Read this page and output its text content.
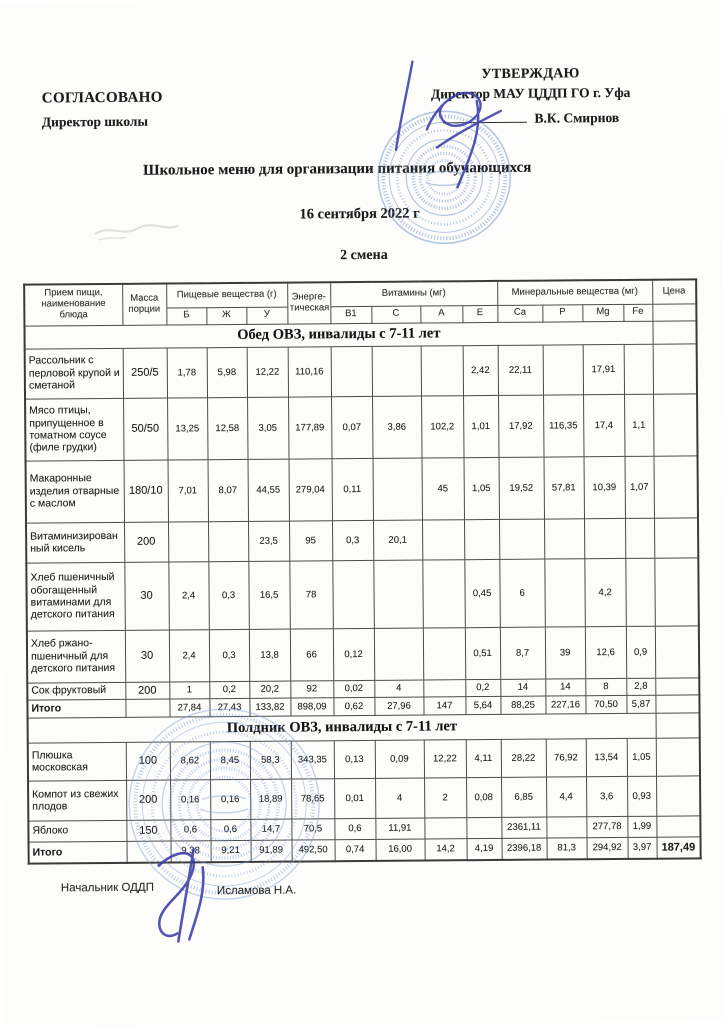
СОГЛАСОВАНО
Директор школы
УТВЕРЖДАЮ
Директор МАУ ЦДДП ГО г. Уфа
В.К. Смирнов
Школьное меню для организации питания обучающихся
16 сентября 2022 г
2 смена
Прием пищи, наименование блюда	Масса порции	Пищевые вещества (г)			Энерге-тическая	Витамины (мг)				Минеральные вещества (мг)				Цена
		Б	Ж	У		B1	C	A	E	Ca	P	Mg	Fe	
Обед ОВЗ, инвалиды с 7-11 лет														
Рассольник с перловой крупой и сметаной	250/5	1,78	5,98	12,22	110,16				2,42	22,11		17,91		
Мясо птицы, припущенное в томатном соусе (филе грудки)	50/50	13,25	12,58	3,05	177,89	0,07	3,86	102,2	1,01	17,92	116,35	17,4	1,1	
Макаронные изделия отварные с маслом	180/10	7,01	8,07	44,55	279,04	0,11		45	1,05	19,52	57,81	10,39	1,07	
Витаминизированный кисель	200			23,5	95	0,3	20,1							
Хлеб пшеничный обогащенный витаминами для детского питания	30	2,4	0,3	16,5	78				0,45	6		4,2		
Хлеб ржано-пшеничный для детского питания	30	2,4	0,3	13,8	66	0,12			0,51	8,7	39	12,6	0,9	
Сок фруктовый	200	1	0,2	20,2	92	0,02	4		0,2	14	14	8	2,8	
Итого		27,84	27,43	133,82	898,09	0,62	27,96	147	5,64	88,25	227,16	70,50	5,87	
Полдник ОВЗ, инвалиды с 7-11 лет														
Плюшка московская	100	8,62	8,45	58,3	343,35	0,13	0,09	12,22	4,11	28,22	76,92	13,54	1,05	
Компот из свежих плодов	200	0,16	0,16	18,89	78,65	0,01	4	2	0,08	6,85	4,4	3,6	0,93	
Яблоко	150	0,6	0,6	14,7	70,5	0,6	11,91			2361,11		277,78	1,99	
Итого		9,38	9,21	91,89	492,50	0,74	16,00	14,2	4,19	2396,18	81,3	294,92	3,97	187,49
Начальник ОДДП	Исламова Н.А.
